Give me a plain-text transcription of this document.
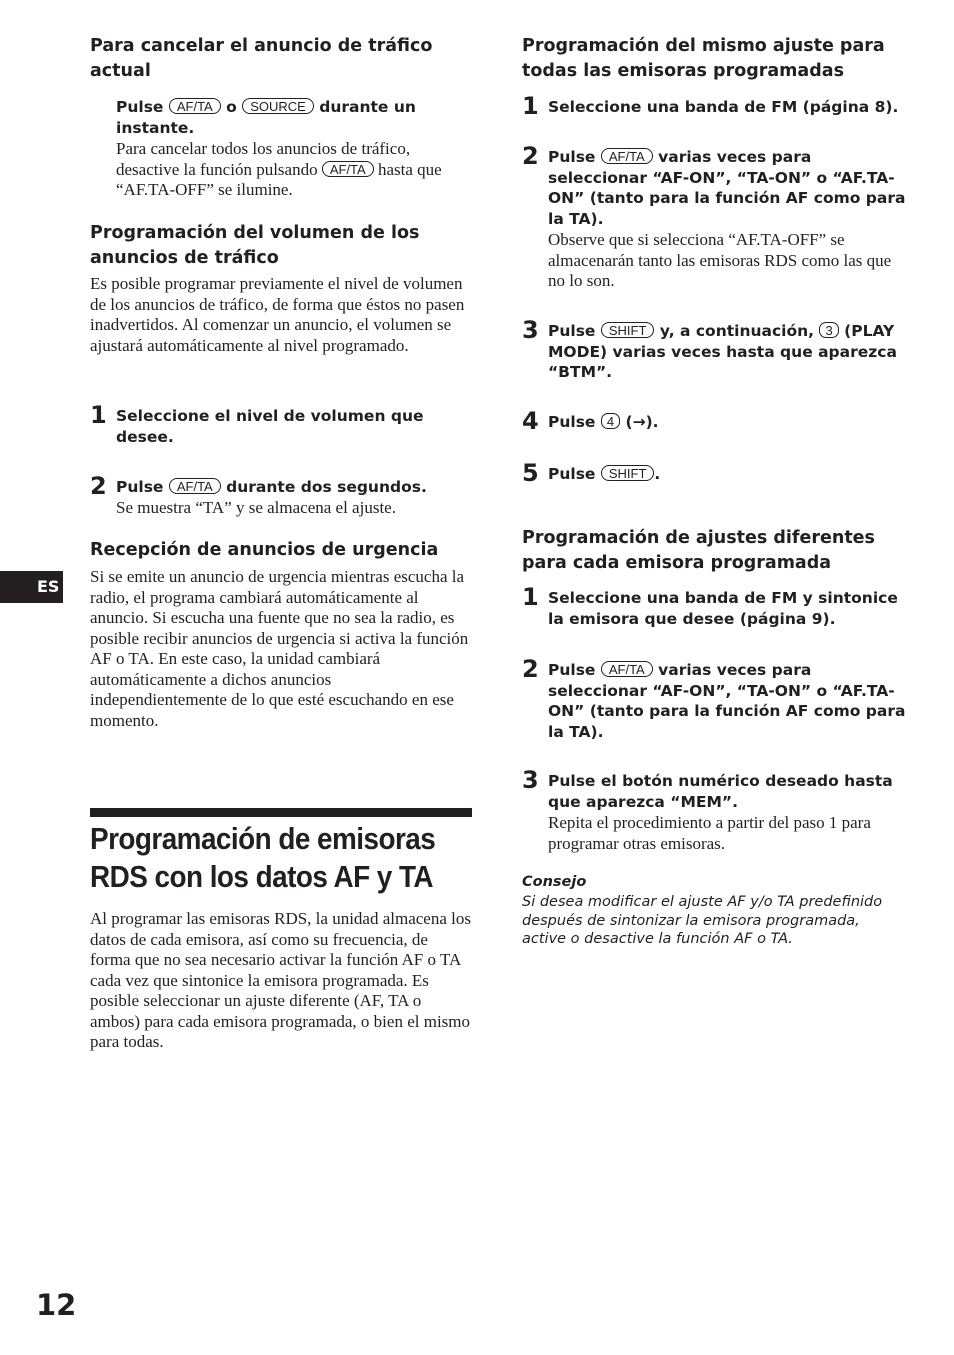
Para cancelar el anuncio de tráfico actual

Pulse AF/TA o SOURCE durante un instante.

Para cancelar todos los anuncios de tráfico, desactive la función pulsando AF/TA hasta que “AF.TA-OFF” se ilumine.

Programación del volumen de los anuncios de tráfico

Es posible programar previamente el nivel de volumen de los anuncios de tráfico, de forma que éstos no pasen inadvertidos. Al comenzar un anuncio, el volumen se ajustará automáticamente al nivel programado.

1 Seleccione el nivel de volumen que desee.

2 Pulse AF/TA durante dos segundos.

Se muestra “TA” y se almacena el ajuste.

Recepción de anuncios de urgencia

Si se emite un anuncio de urgencia mientras escucha la radio, el programa cambiará automáticamente al anuncio. Si escucha una fuente que no sea la radio, es posible recibir anuncios de urgencia si activa la función AF o TA. En este caso, la unidad cambiará automáticamente a dichos anuncios independientemente de lo que esté escuchando en ese momento.

Programación de emisoras
RDS con los datos AF y TA

Al programar las emisoras RDS, la unidad almacena los datos de cada emisora, así como su frecuencia, de forma que no sea necesario activar la función AF o TA cada vez que sintonice la emisora programada. Es posible seleccionar un ajuste diferente (AF, TA o ambos) para cada emisora programada, o bien el mismo para todas.

Programación del mismo ajuste para todas las emisoras programadas
1 Seleccione una banda de FM (página 8).

2 Pulse AF/TA varias veces para seleccionar “AF-ON”, “TA-ON” o “AF.TA-ON” (tanto para la función AF como para la TA).

Observe que si selecciona “AF.TA-OFF” se almacenarán tanto las emisoras RDS como las que no lo son.

3 Pulse SHIFT y, a continuación, 3 (PLAY MODE) varias veces hasta que aparezca “BTM”.

4 Pulse 4 (→).

5 Pulse SHIFT .

Programación de ajustes diferentes para cada emisora programada
1 Seleccione una banda de FM y sintonice la emisora que desee (página 9).

2 Pulse AF/TA varias veces para seleccionar “AF-ON”, “TA-ON” o “AF.TA-ON” (tanto para la función AF como para la TA).

3 Pulse el botón numérico deseado hasta que aparezca “MEM”.

Repita el procedimiento a partir del paso 1 para programar otras emisoras.

Consejo

Si desea modificar el ajuste AF y/o TA predefinido después de sintonizar la emisora programada, active o desactive la función AF o TA.

ES
12
